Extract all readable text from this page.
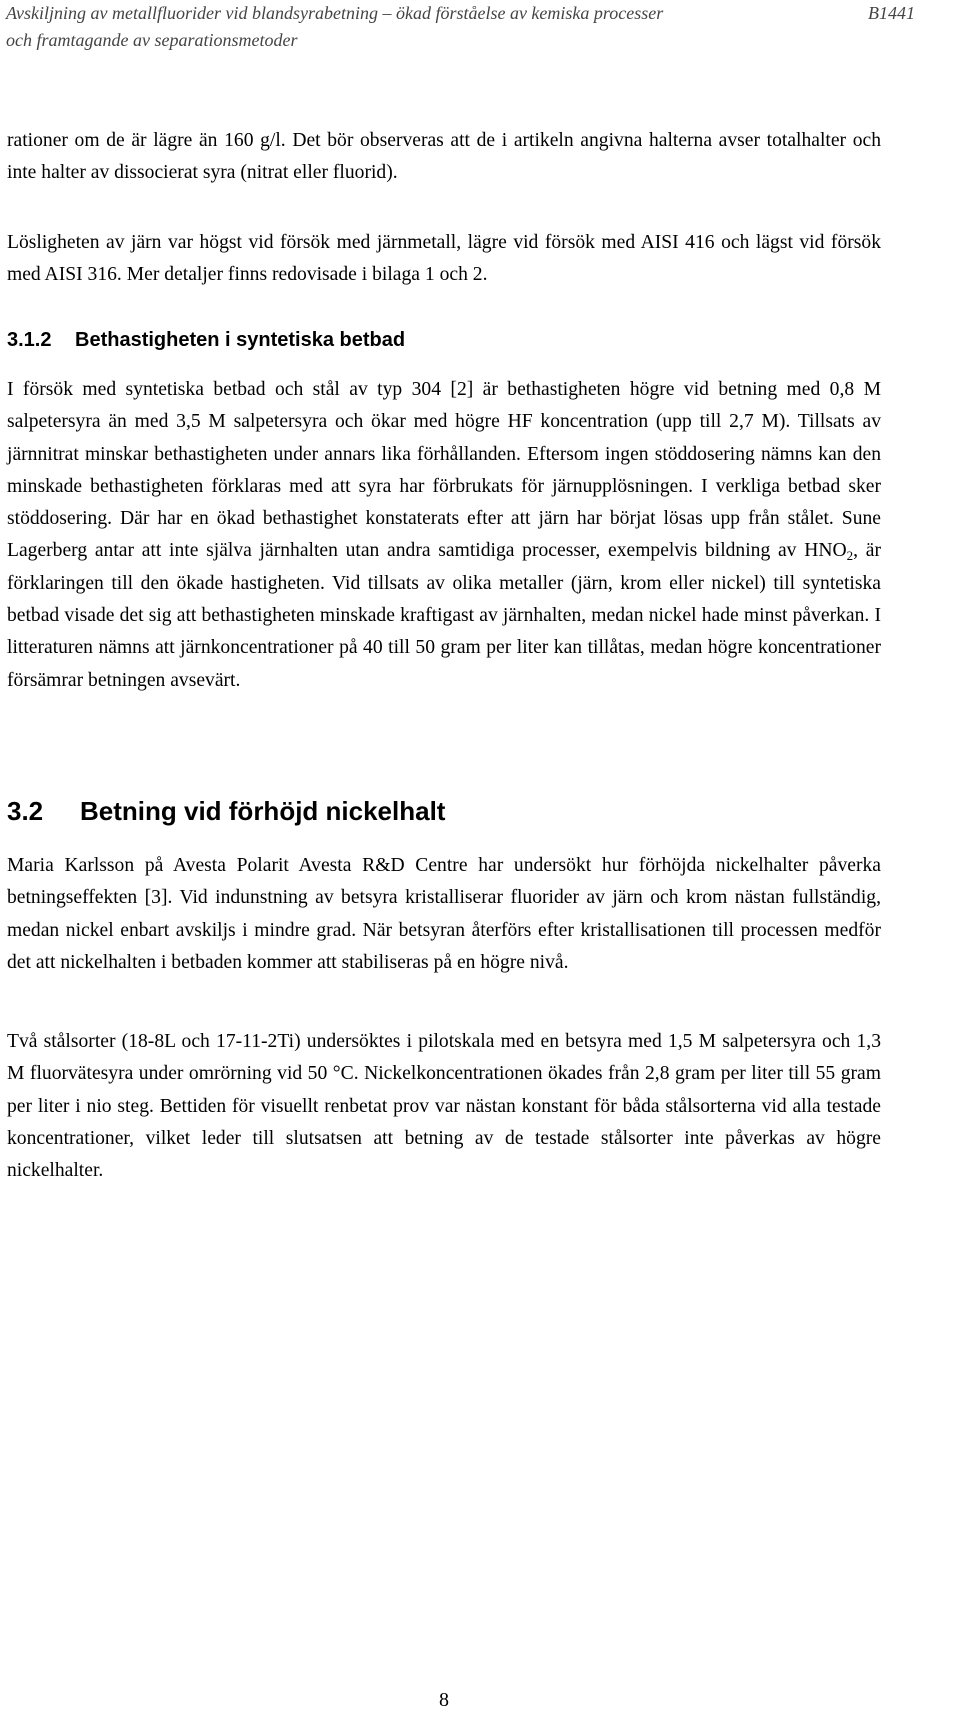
Avskiljning av metallfluorider vid blandsyrabetning – ökad förståelse av kemiska processer
och framtagande av separationsmetoder
B1441

rationer om de är lägre än 160 g/l. Det bör observeras att de i artikeln angivna halterna avser totalhalter och inte halter av dissocierat syra (nitrat eller fluorid).

Lösligheten av järn var högst vid försök med järnmetall, lägre vid försök med AISI 416 och lägst vid försök med AISI 316. Mer detaljer finns redovisade i bilaga 1 och 2.

3.1.2 Bethastigheten i syntetiska betbad

I försök med syntetiska betbad och stål av typ 304 [2] är bethastigheten högre vid betning med 0,8 M salpetersyra än med 3,5 M salpetersyra och ökar med högre HF koncentration (upp till 2,7 M). Tillsats av järnnitrat minskar bethastigheten under annars lika förhållanden. Eftersom ingen stöddosering nämns kan den minskade bethastigheten förklaras med att syra har förbrukats för järnupplösningen. I verkliga betbad sker stöddosering. Där har en ökad bethastighet konstaterats efter att järn har börjat lösas upp från stålet. Sune Lagerberg antar att inte själva järnhalten utan andra samtidiga processer, exempelvis bildning av $HNO_2$, är förklaringen till den ökade hastigheten. Vid tillsats av olika metaller (järn, krom eller nickel) till syntetiska betbad visade det sig att bethastigheten minskade kraftigast av järnhalten, medan nickel hade minst påverkan. I litteraturen nämns att järnkoncentrationer på 40 till 50 gram per liter kan tillåtas, medan högre koncentrationer försämrar betningen avsevärt.

3.2 Betning vid förhöjd nickelhalt

Maria Karlsson på Avesta Polarit Avesta R&D Centre har undersökt hur förhöjda nickelhalter påverka betningseffekten [3]. Vid indunstning av betsyra kristalliserar fluorider av järn och krom nästan fullständig, medan nickel enbart avskiljs i mindre grad. När betsyran återförs efter kristallisationen till processen medför det att nickelhalten i betbaden kommer att stabiliseras på en högre nivå.

Två stålsorter (18-8L och 17-11-2Ti) undersöktes i pilotskala med en betsyra med 1,5 M salpetersyra och 1,3 M fluorvätesyra under omrörning vid 50 °C. Nickelkoncentrationen ökades från 2,8 gram per liter till 55 gram per liter i nio steg. Bettiden för visuellt renbetat prov var nästan konstant för båda stålsorterna vid alla testade koncentrationer, vilket leder till slutsatsen att betning av de testade stålsorter inte påverkas av högre nickelhalter.

8
